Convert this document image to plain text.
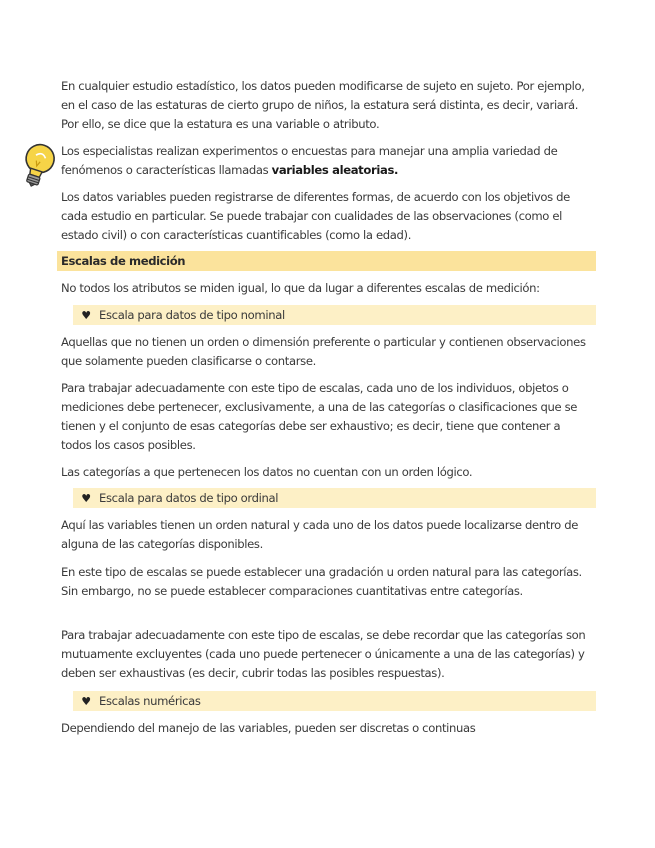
En cualquier estudio estadístico, los datos pueden modificarse de sujeto en sujeto. Por ejemplo, en el caso de las estaturas de cierto grupo de niños, la estatura será distinta, es decir, variará. Por ello, se dice que la estatura es una variable o atributo.

Los especialistas realizan experimentos o encuestas para manejar una amplia variedad de fenómenos o características llamadas variables aleatorias.

Los datos variables pueden registrarse de diferentes formas, de acuerdo con los objetivos de cada estudio en particular. Se puede trabajar con cualidades de las observaciones (como el estado civil) o con características cuantificables (como la edad).

Escalas de medición

No todos los atributos se miden igual, lo que da lugar a diferentes escalas de medición:

♥ Escala para datos de tipo nominal

Aquellas que no tienen un orden o dimensión preferente o particular y contienen observaciones que solamente pueden clasificarse o contarse.

Para trabajar adecuadamente con este tipo de escalas, cada uno de los individuos, objetos o mediciones debe pertenecer, exclusivamente, a una de las categorías o clasificaciones que se tienen y el conjunto de esas categorías debe ser exhaustivo; es decir, tiene que contener a todos los casos posibles.

Las categorías a que pertenecen los datos no cuentan con un orden lógico.

♥ Escala para datos de tipo ordinal

Aquí las variables tienen un orden natural y cada uno de los datos puede localizarse dentro de alguna de las categorías disponibles.

En este tipo de escalas se puede establecer una gradación u orden natural para las categorías. Sin embargo, no se puede establecer comparaciones cuantitativas entre categorías.

Para trabajar adecuadamente con este tipo de escalas, se debe recordar que las categorías son mutuamente excluyentes (cada uno puede pertenecer o únicamente a una de las categorías) y deben ser exhaustivas (es decir, cubrir todas las posibles respuestas).

♥ Escalas numéricas

Dependiendo del manejo de las variables, pueden ser discretas o continuas
